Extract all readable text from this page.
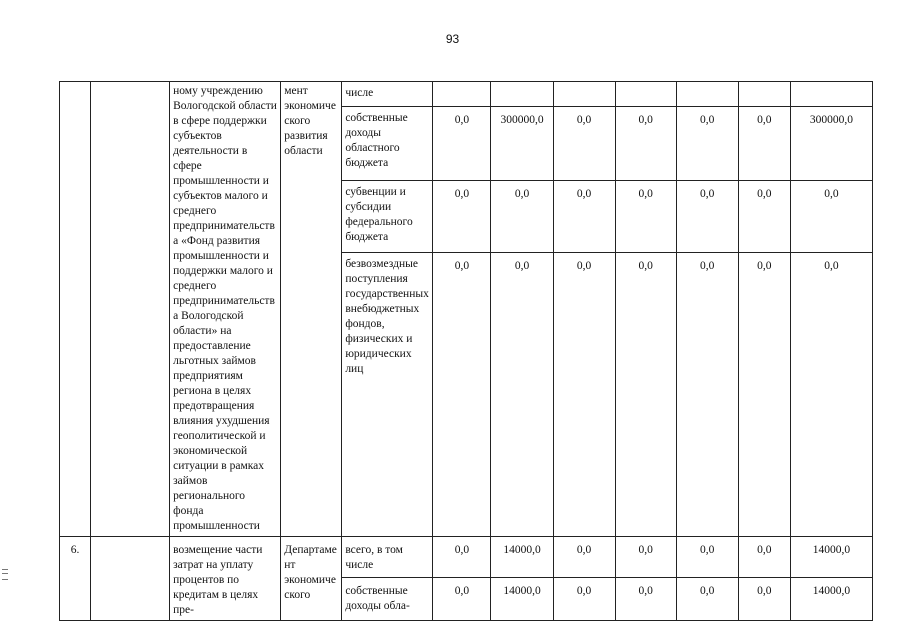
93
		ному учреждению Вологодской области в сфере поддержки субъектов деятельности в сфере промышленности и субъектов малого и среднего предпринимательства «Фонд развития промышленности и поддержки малого и среднего предпринимательства Вологодской области» на предоставление льготных займов предприятиям региона в целях предотвращения влияния ухудшения геополитической и экономической ситуации в рамках займов регионального фонда промышленности	мент экономического развития области	числе							
				собственные доходы областного бюджета	0,0	300000,0	0,0	0,0	0,0	0,0	300000,0
				субвенции и субсидии федерального бюджета	0,0	0,0	0,0	0,0	0,0	0,0	0,0
				безвозмездные поступления государственных внебюджетных фондов, физических и юридических лиц	0,0	0,0	0,0	0,0	0,0	0,0	0,0
6.		возмещение части затрат на уплату процентов по кредитам в целях пре-	Департамент экономического	всего, в том числе	0,0	14000,0	0,0	0,0	0,0	0,0	14000,0
				собственные доходы обла-	0,0	14000,0	0,0	0,0	0,0	0,0	14000,0
